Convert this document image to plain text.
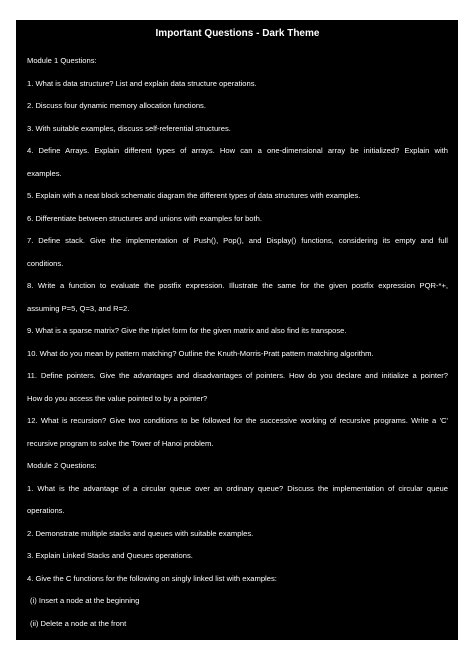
Important Questions - Dark Theme

Module 1 Questions:

1. What is data structure? List and explain data structure operations.

2. Discuss four dynamic memory allocation functions.

3. With suitable examples, discuss self-referential structures.

4. Define Arrays. Explain different types of arrays. How can a one-dimensional array be initialized? Explain with

examples.

5. Explain with a neat block schematic diagram the different types of data structures with examples.

6. Differentiate between structures and unions with examples for both.

7. Define stack. Give the implementation of Push(), Pop(), and Display() functions, considering its empty and full

conditions.

8. Write a function to evaluate the postfix expression. Illustrate the same for the given postfix expression PQR-*+,

assuming P=5, Q=3, and R=2.

9. What is a sparse matrix? Give the triplet form for the given matrix and also find its transpose.

10. What do you mean by pattern matching? Outline the Knuth-Morris-Pratt pattern matching algorithm.

11. Define pointers. Give the advantages and disadvantages of pointers. How do you declare and initialize a pointer?

How do you access the value pointed to by a pointer?

12. What is recursion? Give two conditions to be followed for the successive working of recursive programs. Write a 'C'

recursive program to solve the Tower of Hanoi problem.

Module 2 Questions:

1. What is the advantage of a circular queue over an ordinary queue? Discuss the implementation of circular queue

operations.

2. Demonstrate multiple stacks and queues with suitable examples.

3. Explain Linked Stacks and Queues operations.

4. Give the C functions for the following on singly linked list with examples:

(i) Insert a node at the beginning

(ii) Delete a node at the front
